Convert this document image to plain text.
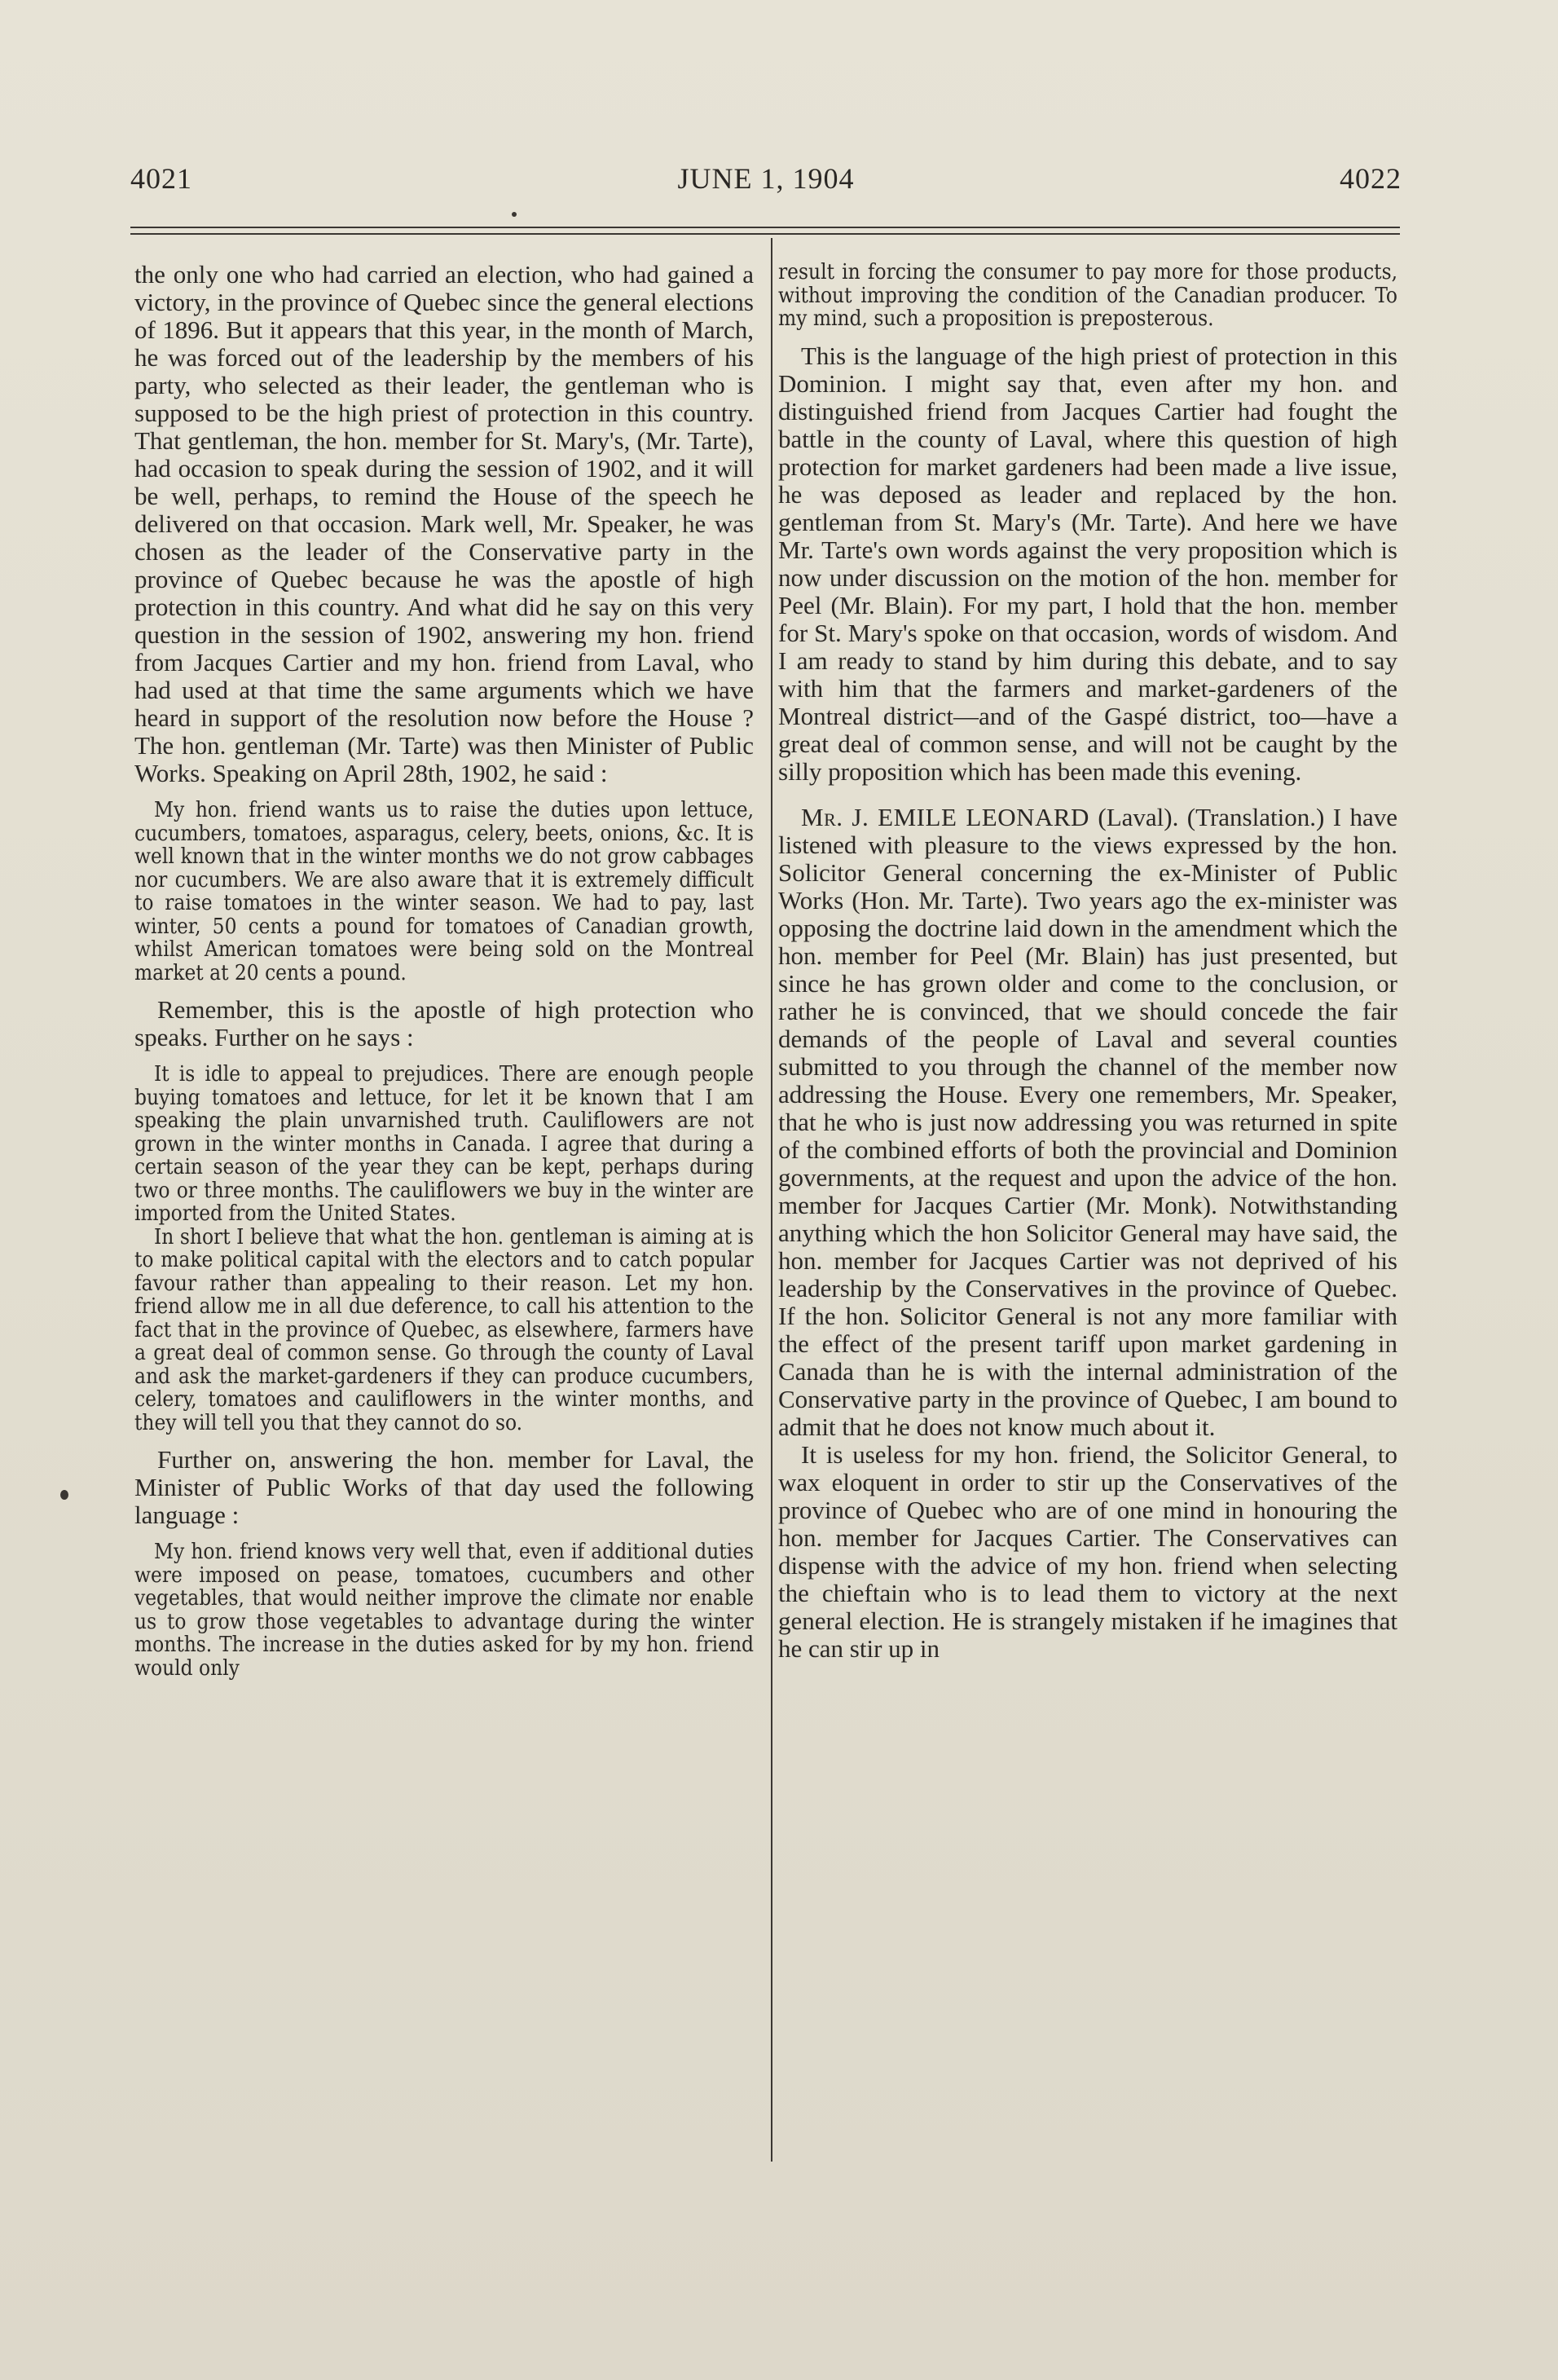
4021	JUNE 1, 1904	4022

the only one who had carried an election, who had gained a victory, in the province of Quebec since the general elections of 1896. But it appears that this year, in the month of March, he was forced out of the leadership by the members of his party, who selected as their leader, the gentleman who is supposed to be the high priest of protection in this country. That gentleman, the hon. member for St. Mary's, (Mr. Tarte), had occasion to speak during the session of 1902, and it will be well, perhaps, to remind the House of the speech he delivered on that occasion. Mark well, Mr. Speaker, he was chosen as the leader of the Conservative party in the province of Quebec because he was the apostle of high protection in this country. And what did he say on this very question in the session of 1902, answering my hon. friend from Jacques Cartier and my hon. friend from Laval, who had used at that time the same arguments which we have heard in support of the resolution now before the House ? The hon. gentleman (Mr. Tarte) was then Minister of Public Works. Speaking on April 28th, 1902, he said :

My hon. friend wants us to raise the duties upon lettuce, cucumbers, tomatoes, asparagus, celery, beets, onions, &c. It is well known that in the winter months we do not grow cabbages nor cucumbers. We are also aware that it is extremely difficult to raise tomatoes in the winter season. We had to pay, last winter, 50 cents a pound for tomatoes of Canadian growth, whilst American tomatoes were being sold on the Montreal market at 20 cents a pound.

Remember, this is the apostle of high protection who speaks. Further on he says :

It is idle to appeal to prejudices. There are enough people buying tomatoes and lettuce, for let it be known that I am speaking the plain unvarnished truth. Cauliflowers are not grown in the winter months in Canada. I agree that during a certain season of the year they can be kept, perhaps during two or three months. The cauliflowers we buy in the winter are imported from the United States.

In short I believe that what the hon. gentleman is aiming at is to make political capital with the electors and to catch popular favour rather than appealing to their reason. Let my hon. friend allow me in all due deference, to call his attention to the fact that in the province of Quebec, as elsewhere, farmers have a great deal of common sense. Go through the county of Laval and ask the market-gardeners if they can produce cucumbers, celery, tomatoes and cauliflowers in the winter months, and they will tell you that they cannot do so.

Further on, answering the hon. member for Laval, the Minister of Public Works of that day used the following language :

My hon. friend knows very well that, even if additional duties were imposed on pease, tomatoes, cucumbers and other vegetables, that would neither improve the climate nor enable us to grow those vegetables to advantage during the winter months. The increase in the duties asked for by my hon. friend would only

result in forcing the consumer to pay more for those products, without improving the condition of the Canadian producer. To my mind, such a proposition is preposterous.

This is the language of the high priest of protection in this Dominion. I might say that, even after my hon. and distinguished friend from Jacques Cartier had fought the battle in the county of Laval, where this question of high protection for market gardeners had been made a live issue, he was deposed as leader and replaced by the hon. gentleman from St. Mary's (Mr. Tarte). And here we have Mr. Tarte's own words against the very proposition which is now under discussion on the motion of the hon. member for Peel (Mr. Blain). For my part, I hold that the hon. member for St. Mary's spoke on that occasion, words of wisdom. And I am ready to stand by him during this debate, and to say with him that the farmers and market-gardeners of the Montreal district—and of the Gaspé district, too—have a great deal of common sense, and will not be caught by the silly proposition which has been made this evening.

Mr. J. EMILE LEONARD (Laval). (Translation.) I have listened with pleasure to the views expressed by the hon. Solicitor General concerning the ex-Minister of Public Works (Hon. Mr. Tarte). Two years ago the ex-minister was opposing the doctrine laid down in the amendment which the hon. member for Peel (Mr. Blain) has just presented, but since he has grown older and come to the conclusion, or rather he is convinced, that we should concede the fair demands of the people of Laval and several counties submitted to you through the channel of the member now addressing the House. Every one remembers, Mr. Speaker, that he who is just now addressing you was returned in spite of the combined efforts of both the provincial and Dominion governments, at the request and upon the advice of the hon. member for Jacques Cartier (Mr. Monk). Notwithstanding anything which the hon Solicitor General may have said, the hon. member for Jacques Cartier was not deprived of his leadership by the Conservatives in the province of Quebec. If the hon. Solicitor General is not any more familiar with the effect of the present tariff upon market gardening in Canada than he is with the internal administration of the Conservative party in the province of Quebec, I am bound to admit that he does not know much about it.

It is useless for my hon. friend, the Solicitor General, to wax eloquent in order to stir up the Conservatives of the province of Quebec who are of one mind in honouring the hon. member for Jacques Cartier. The Conservatives can dispense with the advice of my hon. friend when selecting the chieftain who is to lead them to victory at the next general election. He is strangely mistaken if he imagines that he can stir up in
